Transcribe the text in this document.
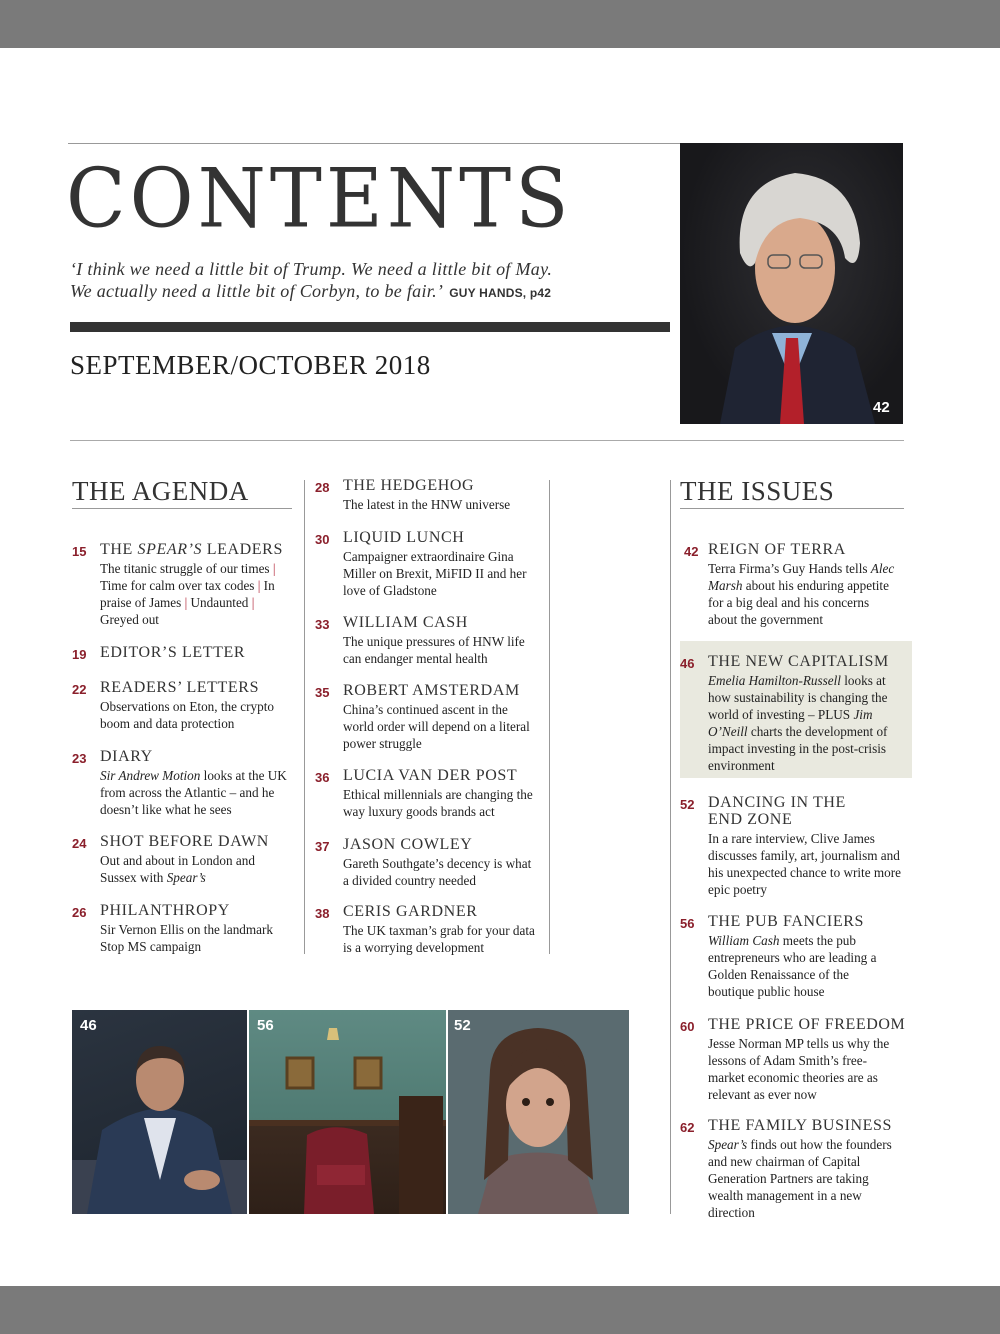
CONTENTS
‘I think we need a little bit of Trump. We need a little bit of May.
We actually need a little bit of Corbyn, to be fair.’ GUY HANDS, p42
SEPTEMBER/OCTOBER 2018
42
THE AGENDA
15 THE SPEAR’S LEADERS
The titanic struggle of our times | Time for calm over tax codes | In praise of James | Undaunted | Greyed out
19 EDITOR’S LETTER
22 READERS’ LETTERS
Observations on Eton, the crypto boom and data protection
23 DIARY
Sir Andrew Motion looks at the UK from across the Atlantic – and he doesn’t like what he sees
24 SHOT BEFORE DAWN
Out and about in London and Sussex with Spear’s
26 PHILANTHROPY
Sir Vernon Ellis on the landmark Stop MS campaign
28 THE HEDGEHOG
The latest in the HNW universe
30 LIQUID LUNCH
Campaigner extraordinaire Gina Miller on Brexit, MiFID II and her love of Gladstone
33 WILLIAM CASH
The unique pressures of HNW life can endanger mental health
35 ROBERT AMSTERDAM
China’s continued ascent in the world order will depend on a literal power struggle
36 LUCIA VAN DER POST
Ethical millennials are changing the way luxury goods brands act
37 JASON COWLEY
Gareth Southgate’s decency is what a divided country needed
38 CERIS GARDNER
The UK taxman’s grab for your data is a worrying development
THE ISSUES
42 REIGN OF TERRA
Terra Firma’s Guy Hands tells Alec Marsh about his enduring appetite for a big deal and his concerns about the government
46 THE NEW CAPITALISM
Emelia Hamilton-Russell looks at how sustainability is changing the world of investing – PLUS Jim O’Neill charts the development of impact investing in the post-crisis environment
52 DANCING IN THE
END ZONE
In a rare interview, Clive James discusses family, art, journalism and his unexpected chance to write more epic poetry
56 THE PUB FANCIERS
William Cash meets the pub entrepreneurs who are leading a Golden Renaissance of the boutique public house
60 THE PRICE OF FREEDOM
Jesse Norman MP tells us why the lessons of Adam Smith’s free-market economic theories are as relevant as ever now
62 THE FAMILY BUSINESS
Spear’s finds out how the founders and new chairman of Capital Generation Partners are taking wealth management in a new direction
46	56	52
